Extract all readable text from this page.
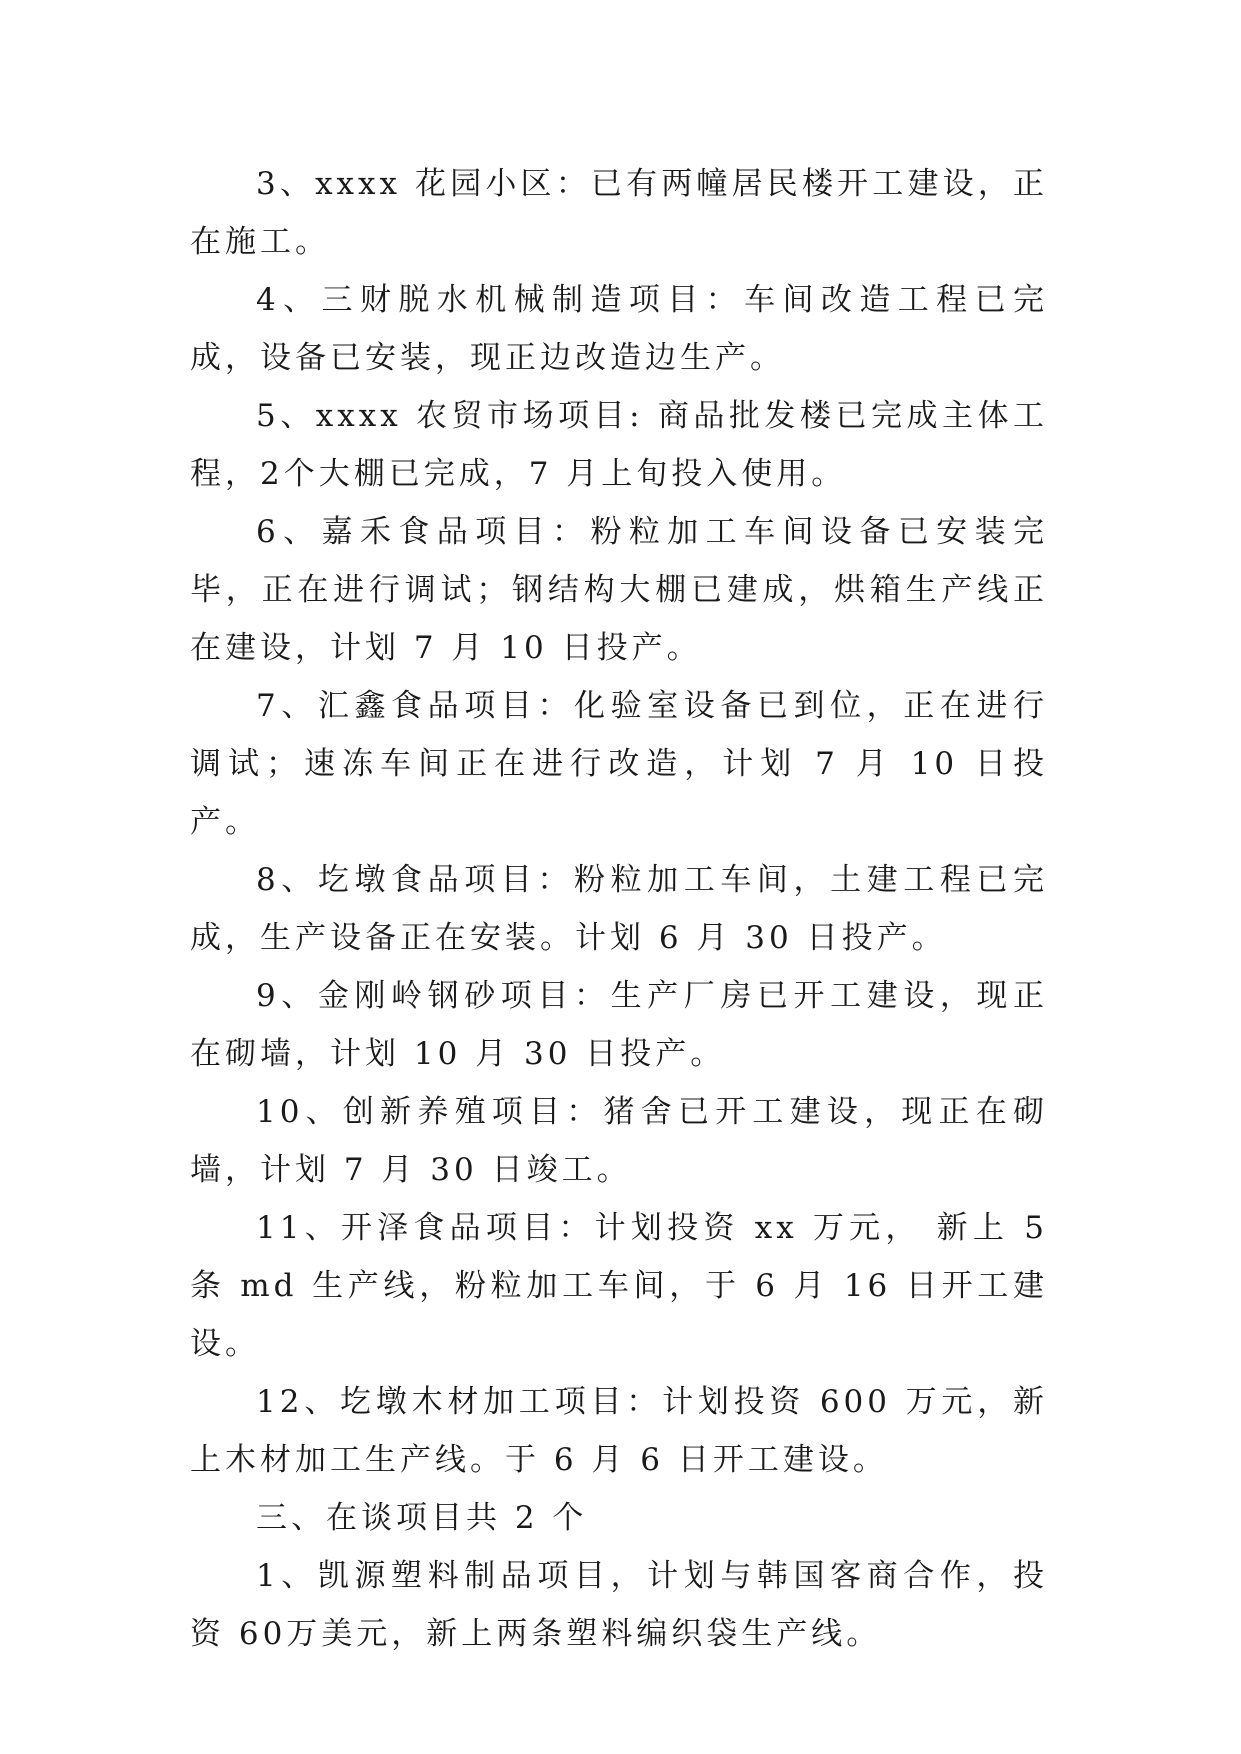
3、xxxx 花园小区：已有两幢居民楼开工建设，正在施工。

4、三财脱水机械制造项目：车间改造工程已完成，设备已安装，现正边改造边生产。

5、xxxx 农贸市场项目: 商品批发楼已完成主体工程，2个大棚已完成，7 月上旬投入使用。

6、嘉禾食品项目：粉粒加工车间设备已安装完毕，正在进行调试；钢结构大棚已建成，烘箱生产线正在建设，计划 7 月 10 日投产。

7、汇鑫食品项目：化验室设备已到位，正在进行调试；速冻车间正在进行改造，计划 7 月 10 日投产。

8、圪墩食品项目：粉粒加工车间，土建工程已完成，生产设备正在安装。计划 6 月 30 日投产。

9、金刚岭钢砂项目：生产厂房已开工建设，现正在砌墙，计划 10 月 30 日投产。

10、创新养殖项目：猪舍已开工建设，现正在砌墙，计划 7 月 30 日竣工。

11、开泽食品项目：计划投资 xx 万元， 新上 5 条 md 生产线，粉粒加工车间，于 6 月 16 日开工建设。

12、圪墩木材加工项目：计划投资 600 万元，新上木材加工生产线。于 6 月 6 日开工建设。

三、在谈项目共 2 个

1、凯源塑料制品项目，计划与韩国客商合作，投资 60万美元，新上两条塑料编织袋生产线。
